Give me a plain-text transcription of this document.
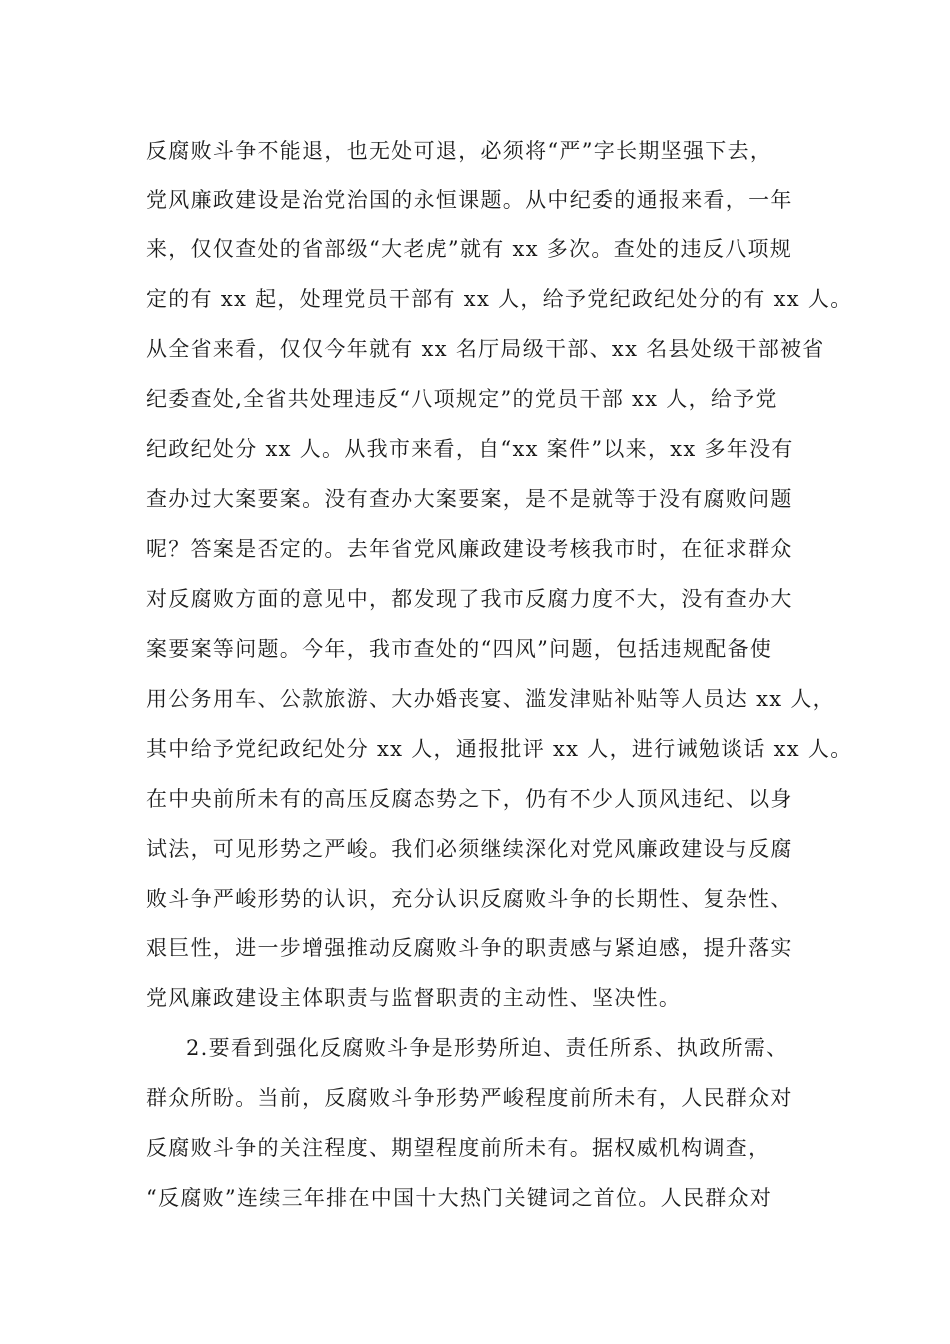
反腐败斗争不能退，也无处可退，必须将“严”字长期坚强下去，
党风廉政建设是治党治国的永恒课题。从中纪委的通报来看，一年
来，仅仅查处的省部级“大老虎”就有 xx 多次。查处的违反八项规
定的有 xx 起，处理党员干部有 xx 人，给予党纪政纪处分的有 xx 人。
从全省来看，仅仅今年就有 xx 名厅局级干部、xx 名县处级干部被省
纪委查处,全省共处理违反“八项规定”的党员干部 xx 人，给予党
纪政纪处分 xx 人。从我市来看，自“xx 案件”以来，xx 多年没有
查办过大案要案。没有查办大案要案，是不是就等于没有腐败问题
呢？答案是否定的。去年省党风廉政建设考核我市时，在征求群众
对反腐败方面的意见中，都发现了我市反腐力度不大，没有查办大
案要案等问题。今年，我市查处的“四风”问题，包括违规配备使
用公务用车、公款旅游、大办婚丧宴、滥发津贴补贴等人员达 xx 人，
其中给予党纪政纪处分 xx 人，通报批评 xx 人，进行诫勉谈话 xx 人。
在中央前所未有的高压反腐态势之下，仍有不少人顶风违纪、以身
试法，可见形势之严峻。我们必须继续深化对党风廉政建设与反腐
败斗争严峻形势的认识，充分认识反腐败斗争的长期性、复杂性、
艰巨性，进一步增强推动反腐败斗争的职责感与紧迫感，提升落实
党风廉政建设主体职责与监督职责的主动性、坚决性。
2.要看到强化反腐败斗争是形势所迫、责任所系、执政所需、
群众所盼。当前，反腐败斗争形势严峻程度前所未有，人民群众对
反腐败斗争的关注程度、期望程度前所未有。据权威机构调查，
“反腐败”连续三年排在中国十大热门关键词之首位。人民群众对
